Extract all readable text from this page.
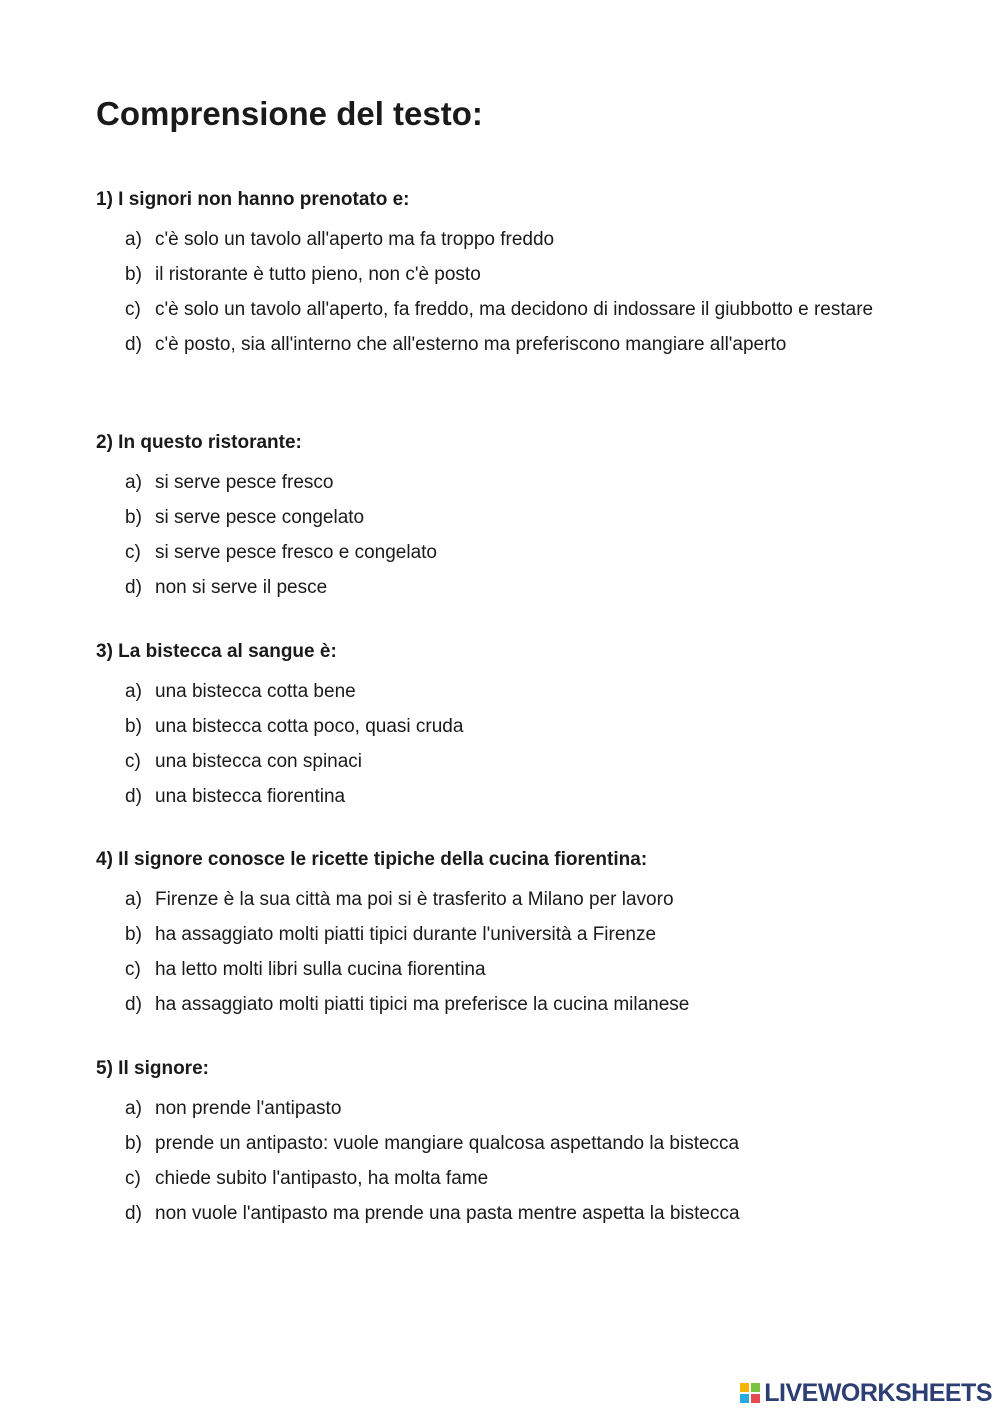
Comprensione del testo:
1) I signori non hanno prenotato e:
a) c'è solo un tavolo all'aperto ma fa troppo freddo
b) il ristorante è tutto pieno, non c'è posto
c) c'è solo un tavolo all'aperto, fa freddo, ma decidono di indossare il giubbotto e restare
d) c'è posto, sia all'interno che all'esterno ma preferiscono mangiare all'aperto
2) In questo ristorante:
a) si serve pesce fresco
b) si serve pesce congelato
c) si serve pesce fresco e congelato
d) non si serve il pesce
3) La bistecca al sangue è:
a) una bistecca cotta bene
b) una bistecca cotta poco, quasi cruda
c) una bistecca con spinaci
d) una bistecca fiorentina
4) Il signore conosce le ricette tipiche della cucina fiorentina:
a) Firenze è la sua città ma poi si è trasferito a Milano per lavoro
b) ha assaggiato molti piatti tipici durante l'università a Firenze
c) ha letto molti libri sulla cucina fiorentina
d) ha assaggiato molti piatti tipici ma preferisce la cucina milanese
5) Il signore:
a) non prende l'antipasto
b) prende un antipasto: vuole mangiare qualcosa aspettando la bistecca
c) chiede subito l'antipasto, ha molta fame
d) non vuole l'antipasto ma prende una pasta mentre aspetta la bistecca
LIVEWORKSHEETS
